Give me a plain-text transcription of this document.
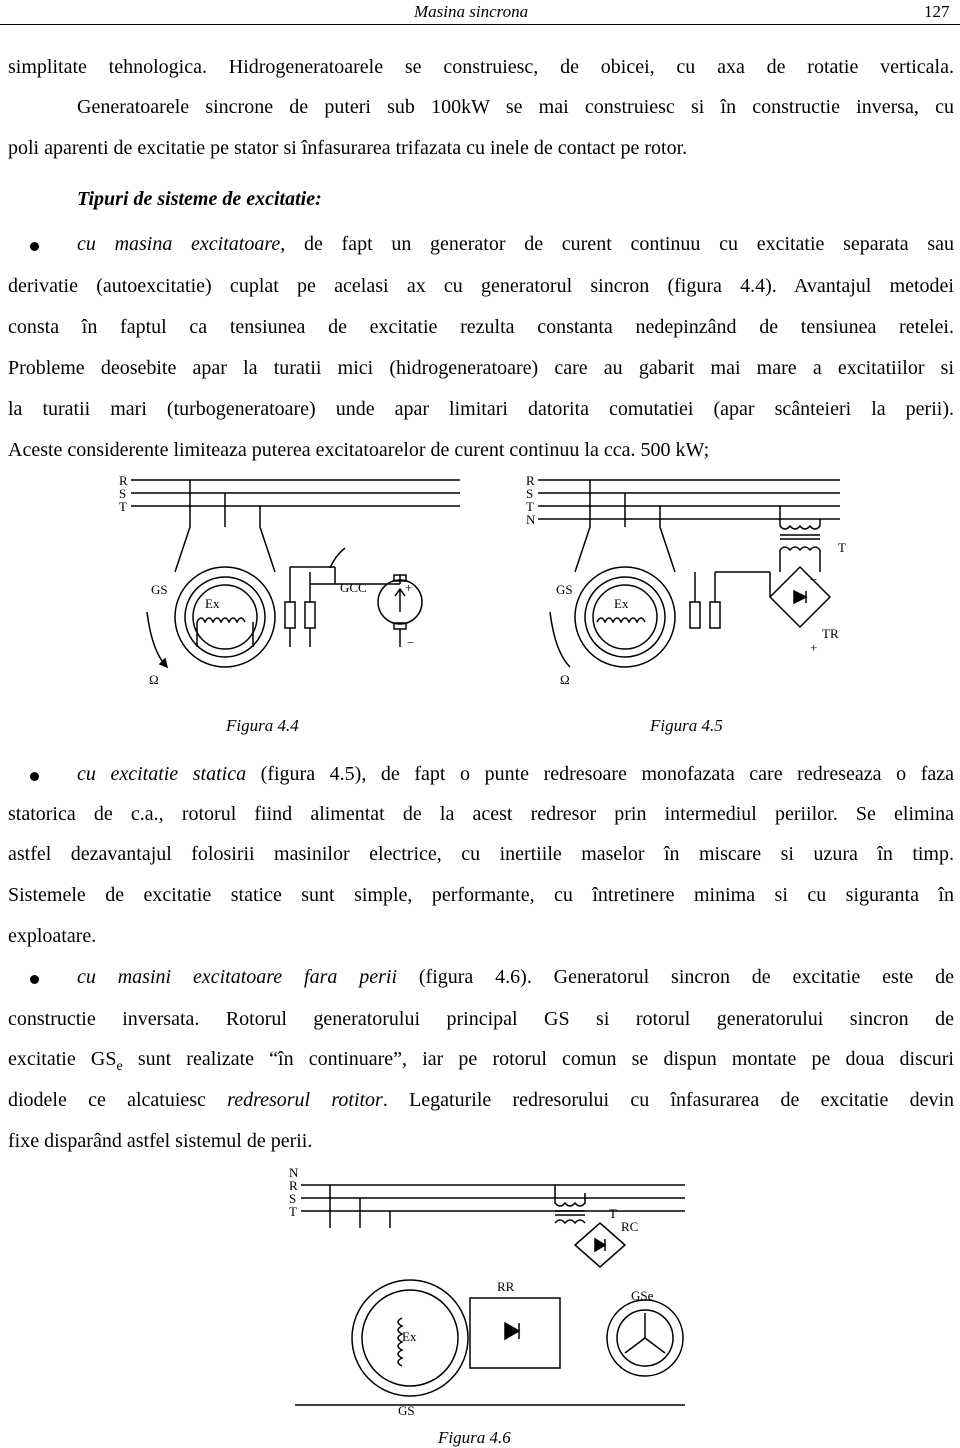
Masina sincrona	127
simplitate tehnologica. Hidrogeneratoarele se construiesc, de obicei, cu axa de rotatie verticala.
Generatoarele sincrone de puteri sub 100kW se mai construiesc si în constructie inversa, cu
poli aparenti de excitatie pe stator si înfasurarea trifazata cu inele de contact pe rotor.
Tipuri de sisteme de excitatie:
cu masina excitatoare, de fapt un generator de curent continuu cu excitatie separata sau
derivatie (autoexcitatie) cuplat pe acelasi ax cu generatorul sincron (figura 4.4). Avantajul metodei
consta în faptul ca tensiunea de excitatie rezulta constanta nedepinzând de tensiunea retelei.
Probleme deosebite apar la turatii mici (hidrogeneratoare) care au gabarit mai mare a excitatiilor si
la turatii mari (turbogeneratoare) unde apar limitari datorita comutatiei (apar scânteieri la perii).
Aceste considerente limiteaza puterea excitatoarelor de curent continuu la cca. 500 kW;
R
S
T
GS
Ex
Ω
GCC	+
−
Figura 4.4
R
S
T
N
GS
Ex
Ω
T
TR
+
−
Figura 4.5
cu excitatie statica (figura 4.5), de fapt o punte redresoare monofazata care redreseaza o faza
statorica de c.a., rotorul fiind alimentat de la acest redresor prin intermediul periilor. Se elimina
astfel dezavantajul folosirii masinilor electrice, cu inertiile maselor în miscare si uzura în timp.
Sistemele de excitatie statice sunt simple, performante, cu întretinere minima si cu siguranta în
exploatare.
cu masini excitatoare fara perii (figura 4.6). Generatorul sincron de excitatie este de
constructie inversata. Rotorul generatorului principal GS si rotorul generatorului sincron de
excitatie $GS_e$ sunt realizate “în continuare”, iar pe rotorul comun se dispun montate pe doua discuri
diodele ce alcatuiesc redresorul rotitor. Legaturile redresorului cu înfasurarea de excitatie devin
fixe disparând astfel sistemul de perii.
N
R
S
T	T
RC
RR
Ex
GSe
GS
Figura 4.6
